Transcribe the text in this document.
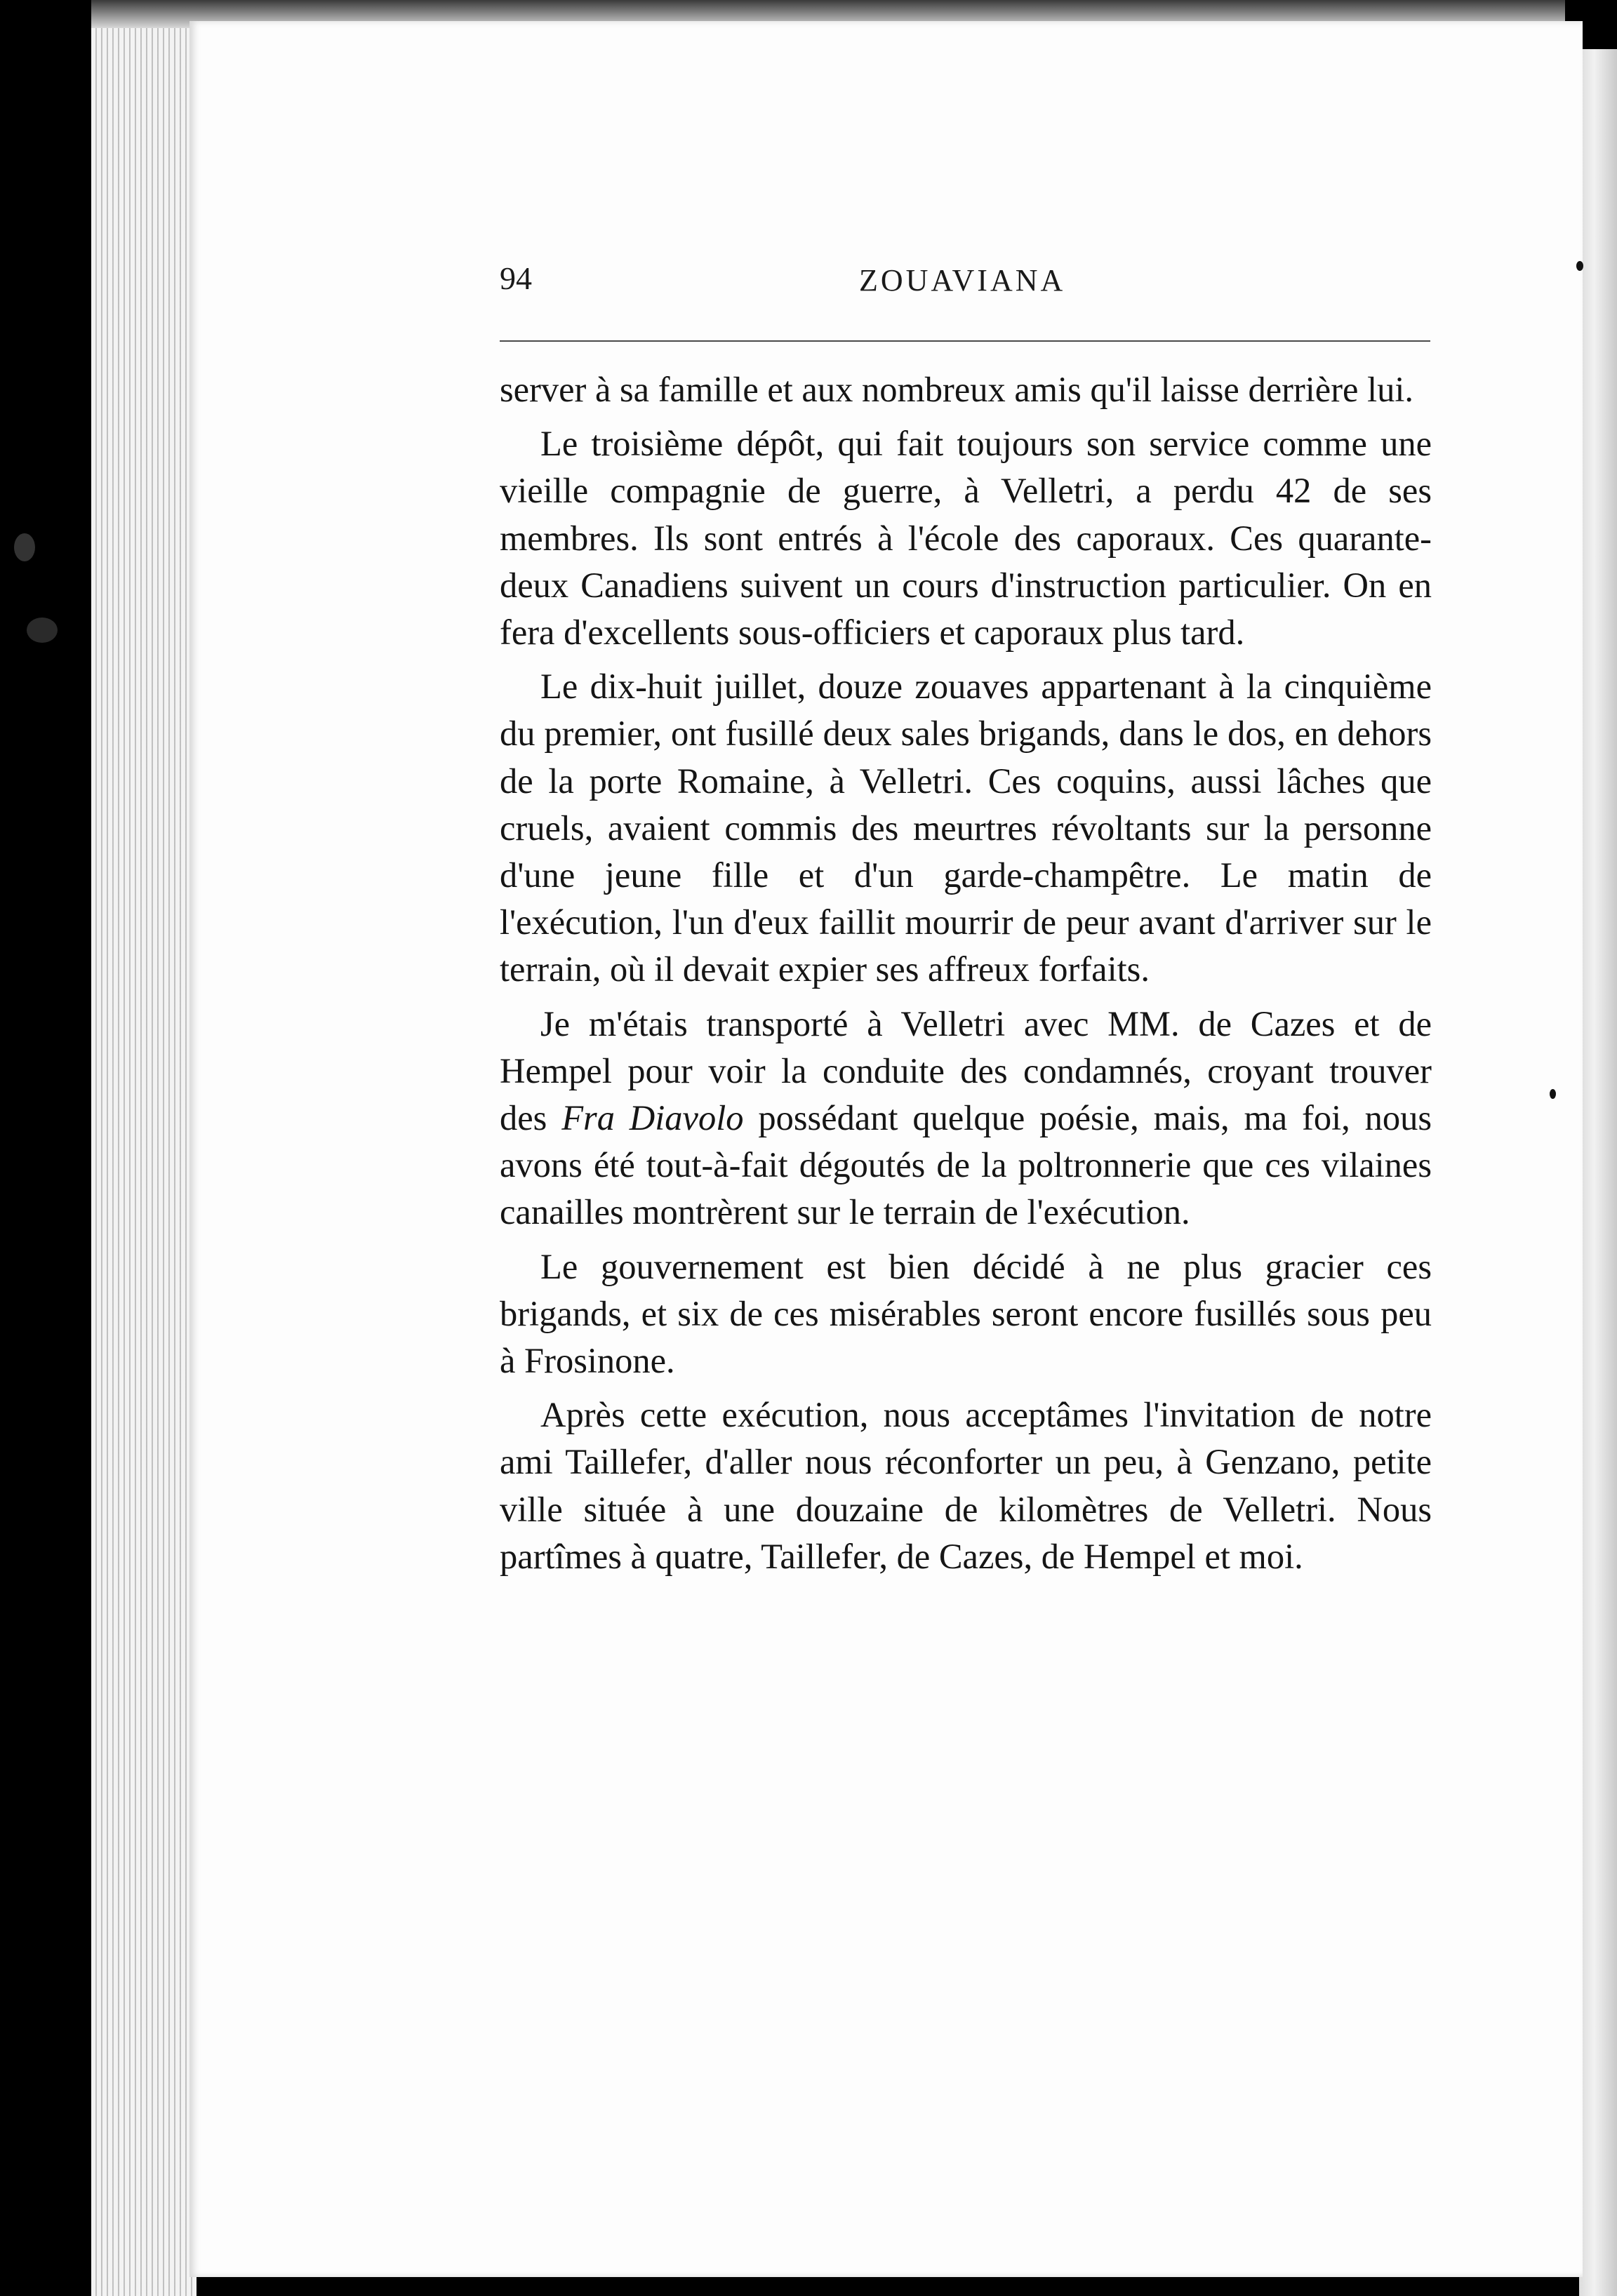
94	ZOUAVIANA

server à sa famille et aux nombreux amis qu'il laisse derrière lui.

Le troisième dépôt, qui fait toujours son service comme une vieille compagnie de guerre, à Velletri, a perdu 42 de ses membres. Ils sont entrés à l'école des caporaux. Ces quarante-deux Canadiens suivent un cours d'instruction particulier. On en fera d'excellents sous-officiers et caporaux plus tard.

Le dix-huit juillet, douze zouaves appartenant à la cinquième du premier, ont fusillé deux sales brigands, dans le dos, en dehors de la porte Romaine, à Velletri. Ces coquins, aussi lâches que cruels, avaient commis des meurtres révoltants sur la personne d'une jeune fille et d'un garde-champêtre. Le matin de l'exécution, l'un d'eux faillit mourrir de peur avant d'arriver sur le terrain, où il devait expier ses affreux forfaits.

Je m'étais transporté à Velletri avec MM. de Cazes et de Hempel pour voir la conduite des condamnés, croyant trouver des Fra Diavolo possédant quelque poésie, mais, ma foi, nous avons été tout-à-fait dégoutés de la poltronnerie que ces vilaines canailles montrèrent sur le terrain de l'exécution.

Le gouvernement est bien décidé à ne plus gracier ces brigands, et six de ces misérables seront encore fusillés sous peu à Frosinone.

Après cette exécution, nous acceptâmes l'invitation de notre ami Taillefer, d'aller nous réconforter un peu, à Genzano, petite ville située à une douzaine de kilomètres de Velletri. Nous partîmes à quatre, Taillefer, de Cazes, de Hempel et moi.
